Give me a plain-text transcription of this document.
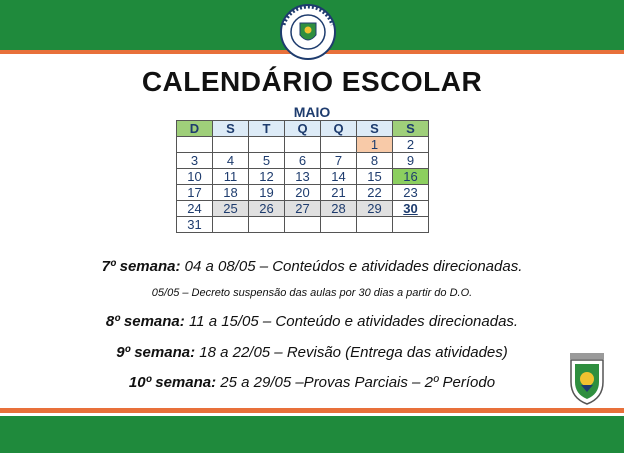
CALENDÁRIO ESCOLAR
MAIO
D	S	T	Q	Q	S	S
					1	2
3	4	5	6	7	8	9
10	11	12	13	14	15	16
17	18	19	20	21	22	23
24	25	26	27	28	29	30
31						
7º semana: 04 a 08/05 – Conteúdos e atividades direcionadas.
05/05 – Decreto suspensão das aulas por 30 dias a partir do D.O.
8º semana: 11 a 15/05 – Conteúdo e atividades direcionadas.
9º semana: 18 a 22/05 – Revisão (Entrega das atividades)
10º semana: 25 a 29/05 –Provas Parciais – 2º Período
